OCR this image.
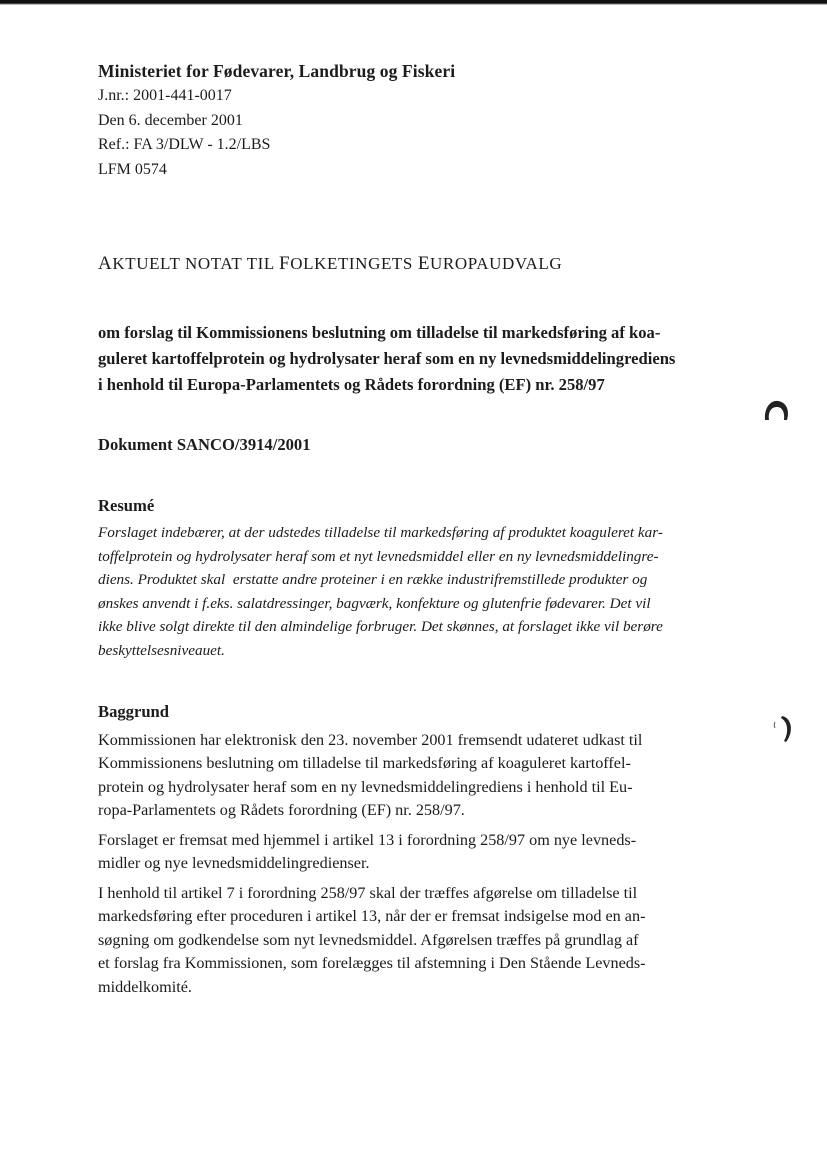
Ministeriet for Fødevarer, Landbrug og Fiskeri
J.nr.: 2001-441-0017
Den 6. december 2001
Ref.: FA 3/DLW - 1.2/LBS
LFM 0574
AKTUELT NOTAT TIL FOLKETINGETS EUROPAUDVALG
om forslag til Kommissionens beslutning om tilladelse til markedsføring af koa-
guleret kartoffelprotein og hydrolysater heraf som en ny levnedsmiddelingrediens
i henhold til Europa-Parlamentets og Rådets forordning (EF) nr. 258/97
Dokument SANCO/3914/2001
Resumé
Forslaget indebærer, at der udstedes tilladelse til markedsføring af produktet koaguleret kar-
toffelprotein og hydrolysater heraf som et nyt levnedsmiddel eller en ny levnedsmiddelingre-
diens. Produktet skal  erstatte andre proteiner i en række industrifremstillede produkter og
ønskes anvendt i f.eks. salatdressinger, bagværk, konfekture og glutenfrie fødevarer. Det vil
ikke blive solgt direkte til den almindelige forbruger. Det skønnes, at forslaget ikke vil berøre
beskyttelsesniveauet.
Baggrund
Kommissionen har elektronisk den 23. november 2001 fremsendt udateret udkast til
Kommissionens beslutning om tilladelse til markedsføring af koaguleret kartoffel-
protein og hydrolysater heraf som en ny levnedsmiddelingrediens i henhold til Eu-
ropa-Parlamentets og Rådets forordning (EF) nr. 258/97.
Forslaget er fremsat med hjemmel i artikel 13 i forordning 258/97 om nye levneds-
midler og nye levnedsmiddelingredienser.
I henhold til artikel 7 i forordning 258/97 skal der træffes afgørelse om tilladelse til
markedsføring efter proceduren i artikel 13, når der er fremsat indsigelse mod en an-
søgning om godkendelse som nyt levnedsmiddel. Afgørelsen træffes på grundlag af
et forslag fra Kommissionen, som forelægges til afstemning i Den Stående Levneds-
middelkomité.
